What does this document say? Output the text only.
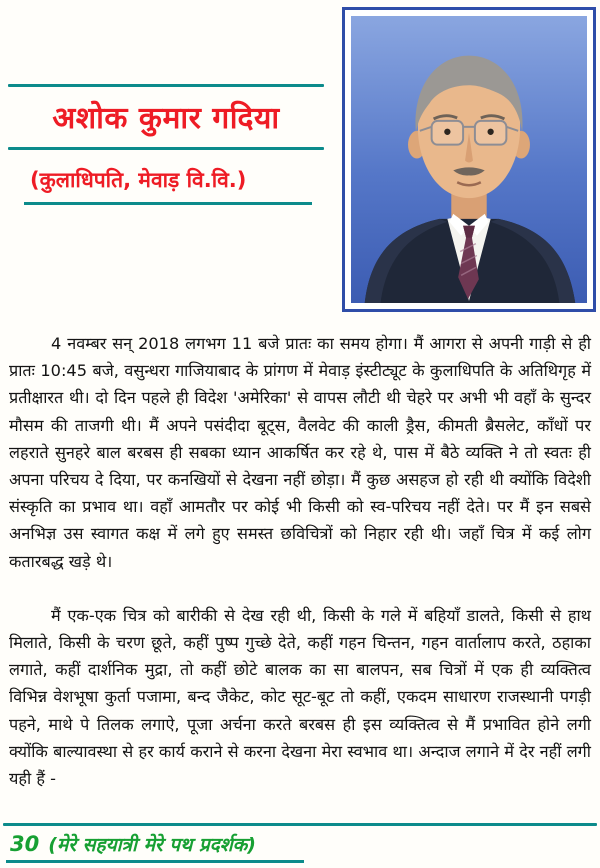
अशोक कुमार गदिया
(कुलाधिपति, मेवाड़ वि.वि.)

4 नवम्बर सन् 2018 लगभग 11 बजे प्रातः का समय होगा। मैं आगरा से अपनी गाड़ी से ही प्रातः 10:45 बजे, वसुन्धरा गाजियाबाद के प्रांगण में मेवाड़ इंस्टीट्यूट के कुलाधिपति के अतिथिगृह में प्रतीक्षारत थी। दो दिन पहले ही विदेश 'अमेरिका' से वापस लौटी थी चेहरे पर अभी भी वहाँ के सुन्दर मौसम की ताजगी थी। मैं अपने पसंदीदा बूट्स, वैलवेट की काली ड्रैस, कीमती ब्रैसलेट, काँधों पर लहराते सुनहरे बाल बरबस ही सबका ध्यान आकर्षित कर रहे थे, पास में बैठे व्यक्ति ने तो स्वतः ही अपना परिचय दे दिया, पर कनखियों से देखना नहीं छोड़ा। मैं कुछ असहज हो रही थी क्योंकि विदेशी संस्कृति का प्रभाव था। वहाँ आमतौर पर कोई भी किसी को स्व-परिचय नहीं देते। पर मैं इन सबसे अनभिज्ञ उस स्वागत कक्ष में लगे हुए समस्त छविचित्रों को निहार रही थी। जहाँ चित्र में कई लोग कतारबद्ध खड़े थे।

मैं एक-एक चित्र को बारीकी से देख रही थी, किसी के गले में बहियाँ डालते, किसी से हाथ मिलाते, किसी के चरण छूते, कहीं पुष्प गुच्छे देते, कहीं गहन चिन्तन, गहन वार्तालाप करते, ठहाका लगाते, कहीं दार्शनिक मुद्रा, तो कहीं छोटे बालक का सा बालपन, सब चित्रों में एक ही व्यक्तित्व विभिन्न वेशभूषा कुर्ता पजामा, बन्द जैकेट, कोट सूट-बूट तो कहीं, एकदम साधारण राजस्थानी पगड़ी पहने, माथे पे तिलक लगाऐ, पूजा अर्चना करते बरबस ही इस व्यक्तित्व से मैं प्रभावित होने लगी क्योंकि बाल्यावस्था से हर कार्य कराने से करना देखना मेरा स्वभाव था। अन्दाज लगाने में देर नहीं लगी यही हैं -

30 (मेरे सहयात्री मेरे पथ प्रदर्शक)
